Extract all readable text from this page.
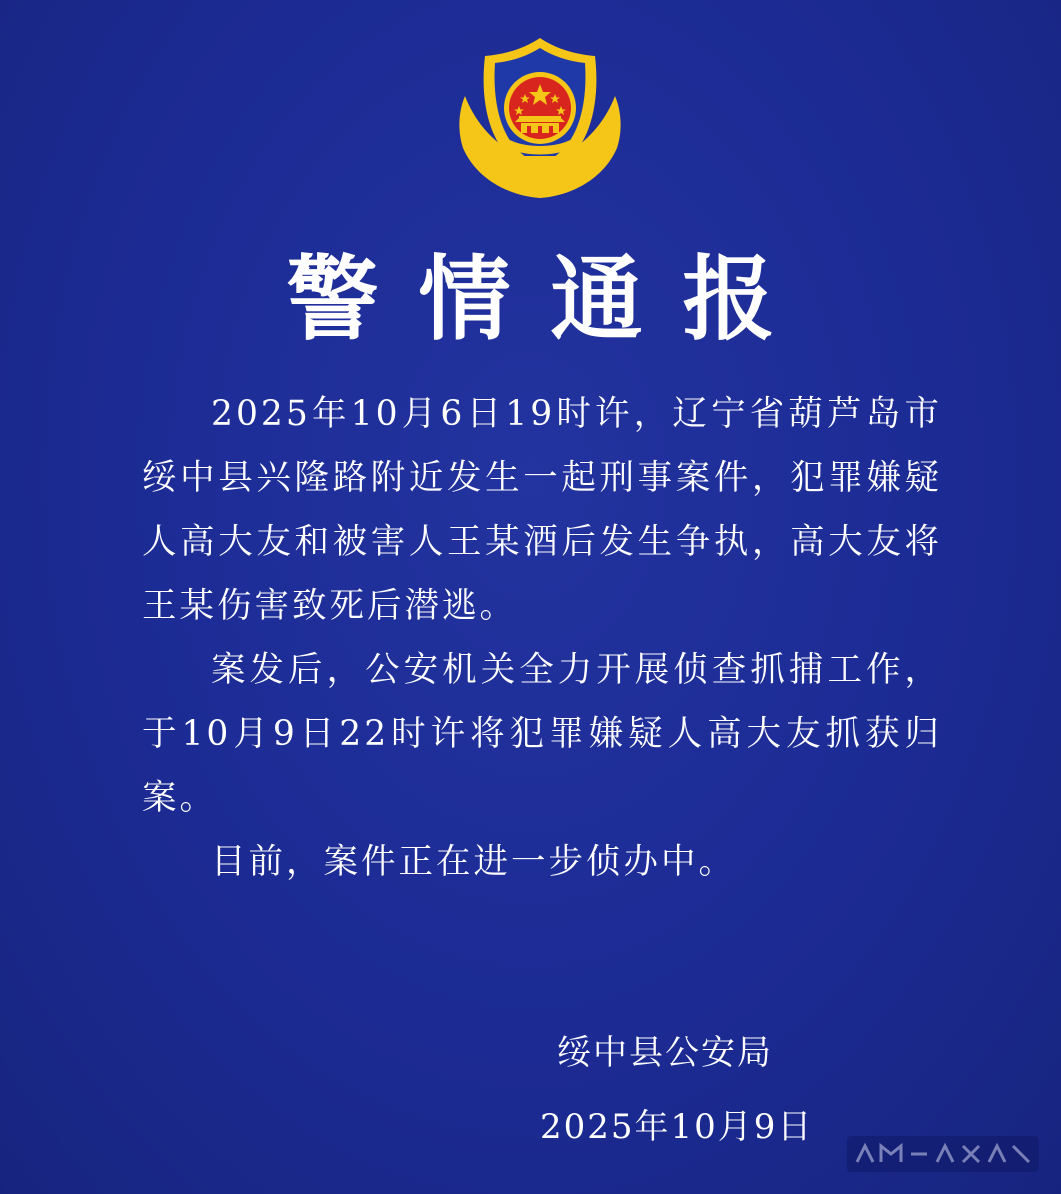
警情通报

2025年10月6日19时许，辽宁省葫芦岛市绥中县兴隆路附近发生一起刑事案件，犯罪嫌疑人高大友和被害人王某酒后发生争执，高大友将王某伤害致死后潜逃。

案发后，公安机关全力开展侦查抓捕工作，于10月9日22时许将犯罪嫌疑人高大友抓获归案。

目前，案件正在进一步侦办中。

绥中县公安局
2025年10月9日
